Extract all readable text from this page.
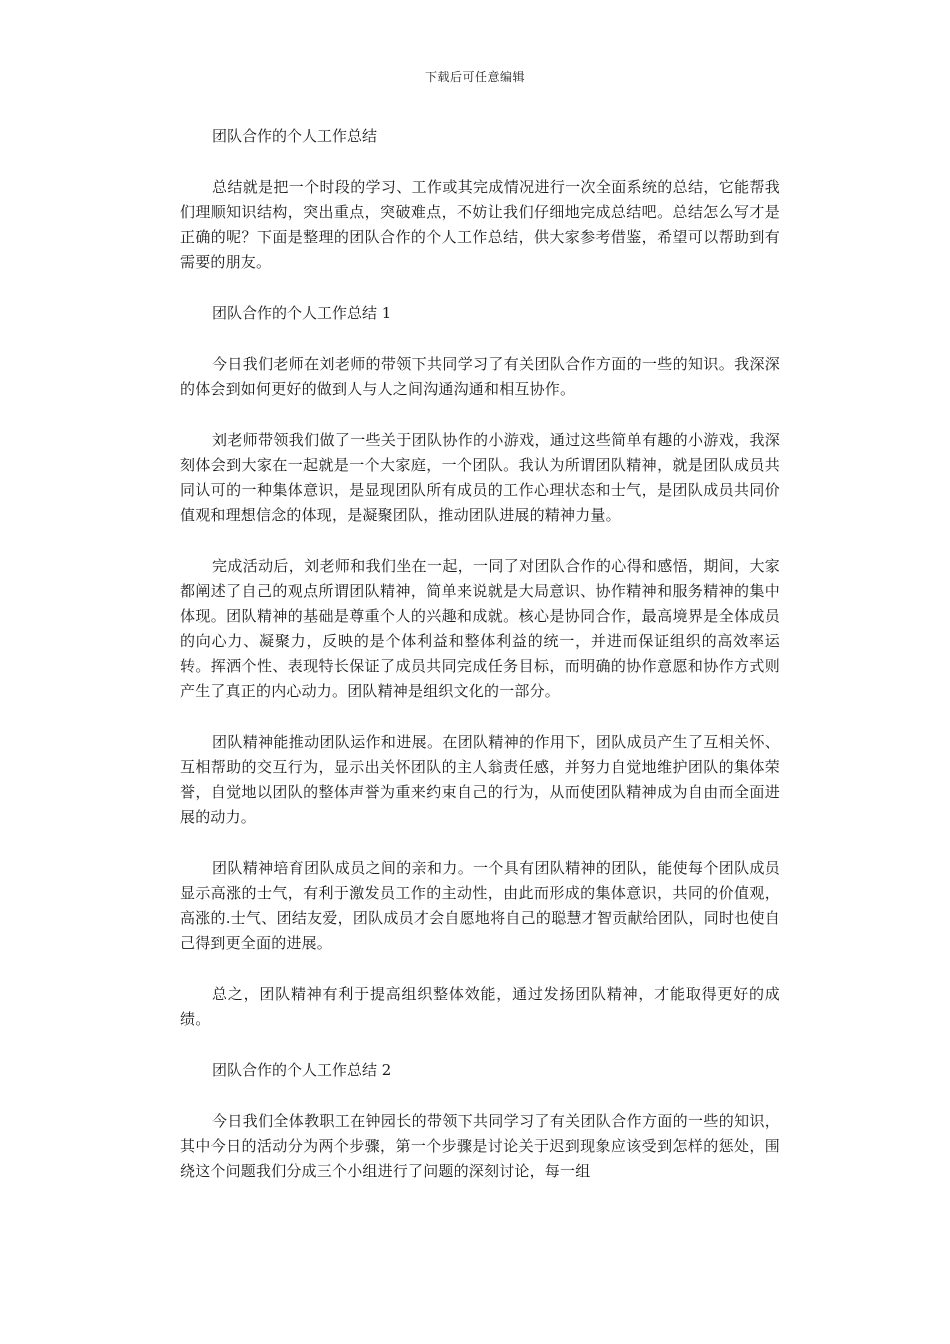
下载后可任意编辑

团队合作的个人工作总结

总结就是把一个时段的学习、工作或其完成情况进行一次全面系统的总结，它能帮我们理顺知识结构，突出重点，突破难点，不妨让我们仔细地完成总结吧。总结怎么写才是正确的呢？下面是整理的团队合作的个人工作总结，供大家参考借鉴，希望可以帮助到有需要的朋友。

团队合作的个人工作总结 1

今日我们老师在刘老师的带领下共同学习了有关团队合作方面的一些的知识。我深深的体会到如何更好的做到人与人之间沟通沟通和相互协作。

刘老师带领我们做了一些关于团队协作的小游戏，通过这些简单有趣的小游戏，我深刻体会到大家在一起就是一个大家庭，一个团队。我认为所谓团队精神，就是团队成员共同认可的一种集体意识，是显现团队所有成员的工作心理状态和士气，是团队成员共同价值观和理想信念的体现，是凝聚团队，推动团队进展的精神力量。

完成活动后，刘老师和我们坐在一起，一同了对团队合作的心得和感悟，期间，大家都阐述了自己的观点所谓团队精神，简单来说就是大局意识、协作精神和服务精神的集中体现。团队精神的基础是尊重个人的兴趣和成就。核心是协同合作，最高境界是全体成员的向心力、凝聚力，反映的是个体利益和整体利益的统一，并进而保证组织的高效率运转。挥洒个性、表现特长保证了成员共同完成任务目标，而明确的协作意愿和协作方式则产生了真正的内心动力。团队精神是组织文化的一部分。

团队精神能推动团队运作和进展。在团队精神的作用下，团队成员产生了互相关怀、互相帮助的交互行为，显示出关怀团队的主人翁责任感，并努力自觉地维护团队的集体荣誉，自觉地以团队的整体声誉为重来约束自己的行为，从而使团队精神成为自由而全面进展的动力。

团队精神培育团队成员之间的亲和力。一个具有团队精神的团队，能使每个团队成员显示高涨的士气，有利于激发员工作的主动性，由此而形成的集体意识，共同的价值观，高涨的.士气、团结友爱，团队成员才会自愿地将自己的聪慧才智贡献给团队，同时也使自己得到更全面的进展。

总之，团队精神有利于提高组织整体效能，通过发扬团队精神，才能取得更好的成绩。

团队合作的个人工作总结 2

今日我们全体教职工在钟园长的带领下共同学习了有关团队合作方面的一些的知识，其中今日的活动分为两个步骤，第一个步骤是讨论关于迟到现象应该受到怎样的惩处，围绕这个问题我们分成三个小组进行了问题的深刻讨论，每一组
